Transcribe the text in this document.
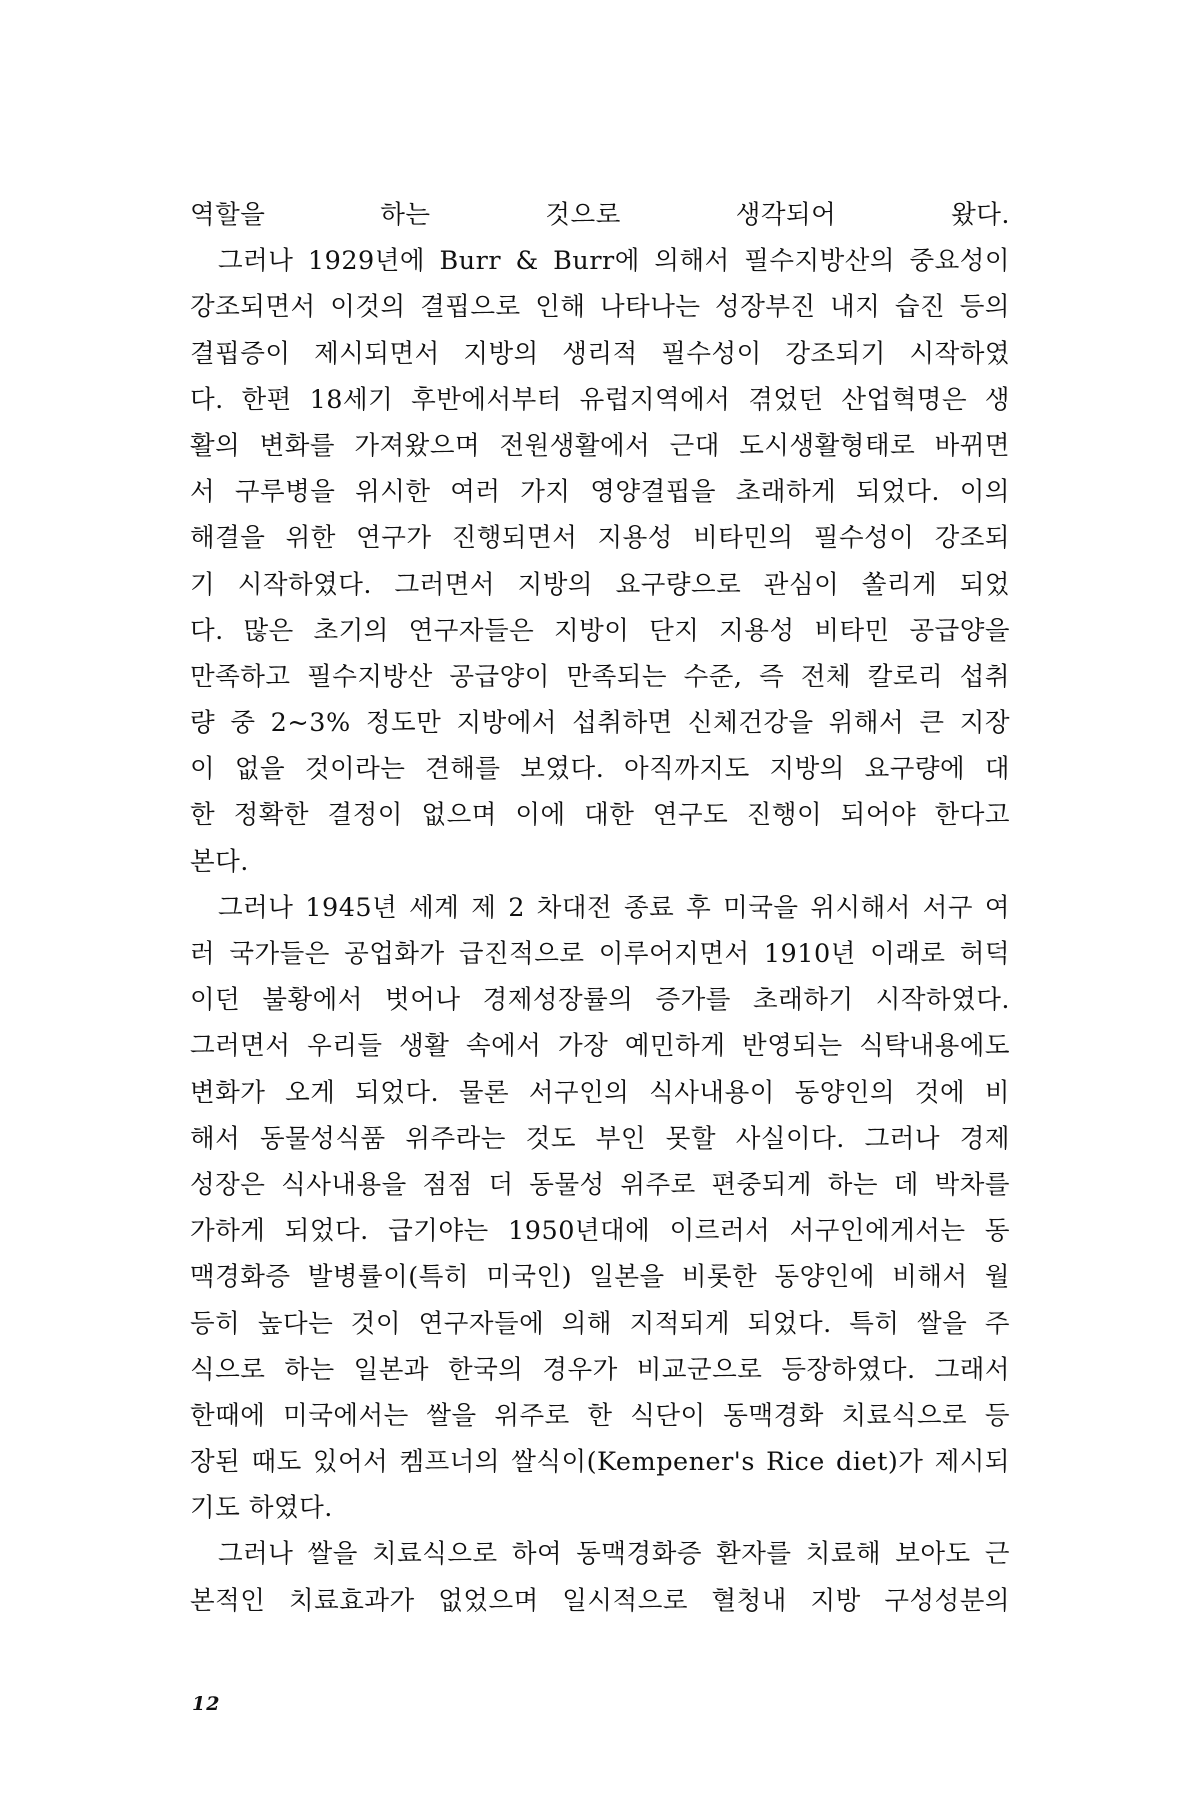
역할을 하는 것으로 생각되어 왔다.
그러나 1929년에 Burr & Burr에 의해서 필수지방산의 중요성이
강조되면서 이것의 결핍으로 인해 나타나는 성장부진 내지 습진 등의
결핍증이 제시되면서 지방의 생리적 필수성이 강조되기 시작하였
다. 한편 18세기 후반에서부터 유럽지역에서 겪었던 산업혁명은 생
활의 변화를 가져왔으며 전원생활에서 근대 도시생활형태로 바뀌면
서 구루병을 위시한 여러 가지 영양결핍을 초래하게 되었다. 이의
해결을 위한 연구가 진행되면서 지용성 비타민의 필수성이 강조되
기 시작하였다. 그러면서 지방의 요구량으로 관심이 쏠리게 되었
다. 많은 초기의 연구자들은 지방이 단지 지용성 비타민 공급양을
만족하고 필수지방산 공급양이 만족되는 수준, 즉 전체 칼로리 섭취
량 중 2~3% 정도만 지방에서 섭취하면 신체건강을 위해서 큰 지장
이 없을 것이라는 견해를 보였다. 아직까지도 지방의 요구량에 대
한 정확한 결정이 없으며 이에 대한 연구도 진행이 되어야 한다고
본다.
그러나 1945년 세계 제 2 차대전 종료 후 미국을 위시해서 서구 여
러 국가들은 공업화가 급진적으로 이루어지면서 1910년 이래로 허덕
이던 불황에서 벗어나 경제성장률의 증가를 초래하기 시작하였다.
그러면서 우리들 생활 속에서 가장 예민하게 반영되는 식탁내용에도
변화가 오게 되었다. 물론 서구인의 식사내용이 동양인의 것에 비
해서 동물성식품 위주라는 것도 부인 못할 사실이다. 그러나 경제
성장은 식사내용을 점점 더 동물성 위주로 편중되게 하는 데 박차를
가하게 되었다. 급기야는 1950년대에 이르러서 서구인에게서는 동
맥경화증 발병률이(특히 미국인) 일본을 비롯한 동양인에 비해서 월
등히 높다는 것이 연구자들에 의해 지적되게 되었다. 특히 쌀을 주
식으로 하는 일본과 한국의 경우가 비교군으로 등장하였다. 그래서
한때에 미국에서는 쌀을 위주로 한 식단이 동맥경화 치료식으로 등
장된 때도 있어서 켐프너의 쌀식이(Kempener's Rice diet)가 제시되
기도 하였다.
그러나 쌀을 치료식으로 하여 동맥경화증 환자를 치료해 보아도 근
본적인 치료효과가 없었으며 일시적으로 혈청내 지방 구성성분의
12
